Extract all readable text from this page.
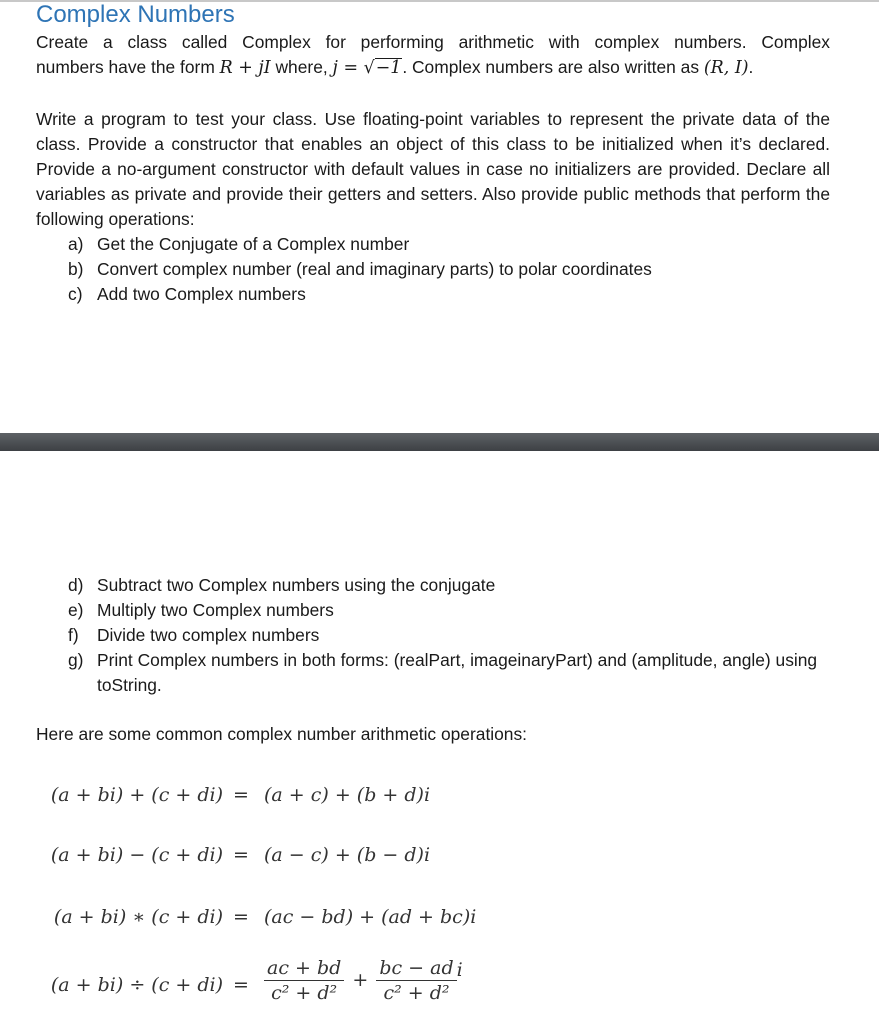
Complex Numbers
Create a class called Complex for performing arithmetic with complex numbers. Complex
numbers have the form R + jI where, j = √−1. Complex numbers are also written as (R, I).
Write a program to test your class. Use floating-point variables to represent the private data of the class. Provide a constructor that enables an object of this class to be initialized when it’s declared. Provide a no-argument constructor with default values in case no initializers are provided. Declare all variables as private and provide their getters and setters. Also provide public methods that perform the following operations:
a) Get the Conjugate of a Complex number
b) Convert complex number (real and imaginary parts) to polar coordinates
c) Add two Complex numbers
d) Subtract two Complex numbers using the conjugate
e) Multiply two Complex numbers
f) Divide two complex numbers
g) Print Complex numbers in both forms: (realPart, imageinaryPart) and (amplitude, angle) using toString.
Here are some common complex number arithmetic operations:
(a + bi) + (c + di) = (a + c) + (b + d)i
(a + bi) − (c + di) = (a − c) + (b − d)i
(a + bi) ∗ (c + di) = (ac − bd) + (ad + bc)i
$(a + bi) \div (c + di) = \frac{ac + bd}{\text{c² + d²}} + \frac{bc - ad}{\text{c² + d²}}$ i
